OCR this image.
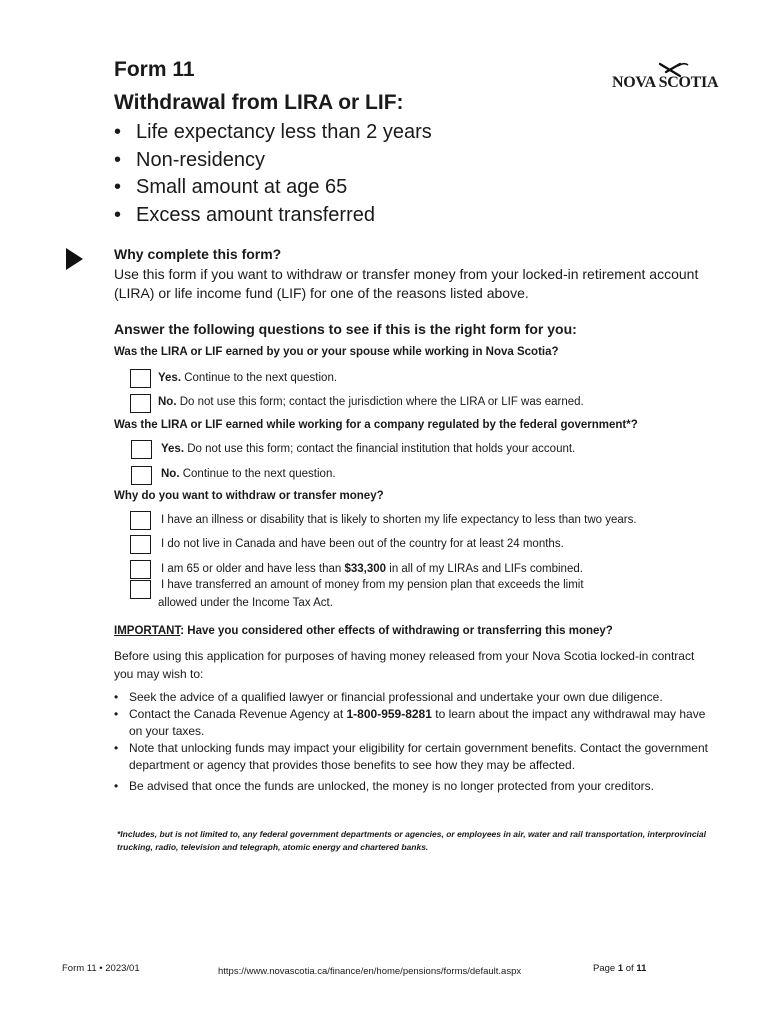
Form 11
Withdrawal from LIRA or LIF:
• Life expectancy less than 2 years
• Non-residency
• Small amount at age 65
• Excess amount transferred
NOVA SCOTIA
Why complete this form?
Use this form if you want to withdraw or transfer money from your locked-in retirement account (LIRA) or life income fund (LIF) for one of the reasons listed above.
Answer the following questions to see if this is the right form for you:
Was the LIRA or LIF earned by you or your spouse while working in Nova Scotia?
Yes. Continue to the next question.
No. Do not use this form; contact the jurisdiction where the LIRA or LIF was earned.
Was the LIRA or LIF earned while working for a company regulated by the federal government*?
Yes. Do not use this form; contact the financial institution that holds your account.
No. Continue to the next question.
Why do you want to withdraw or transfer money?
I have an illness or disability that is likely to shorten my life expectancy to less than two years.
I do not live in Canada and have been out of the country for at least 24 months.
I am 65 or older and have less than $33,300 in all of my LIRAs and LIFs combined.
I have transferred an amount of money from my pension plan that exceeds the limit
allowed under the Income Tax Act.
IMPORTANT: Have you considered other effects of withdrawing or transferring this money?
Before using this application for purposes of having money released from your Nova Scotia locked-in contract you may wish to:
• Seek the advice of a qualified lawyer or financial professional and undertake your own due diligence.
• Contact the Canada Revenue Agency at 1-800-959-8281 to learn about the impact any withdrawal may have on your taxes.
• Note that unlocking funds may impact your eligibility for certain government benefits. Contact the government department or agency that provides those benefits to see how they may be affected.
• Be advised that once the funds are unlocked, the money is no longer protected from your creditors.
*Includes, but is not limited to, any federal government departments or agencies, or employees in air, water and rail transportation, interprovincial trucking, radio, television and telegraph, atomic energy and chartered banks.
Form 11 • 2023/01	https://www.novascotia.ca/finance/en/home/pensions/forms/default.aspx	Page 1 of 11
